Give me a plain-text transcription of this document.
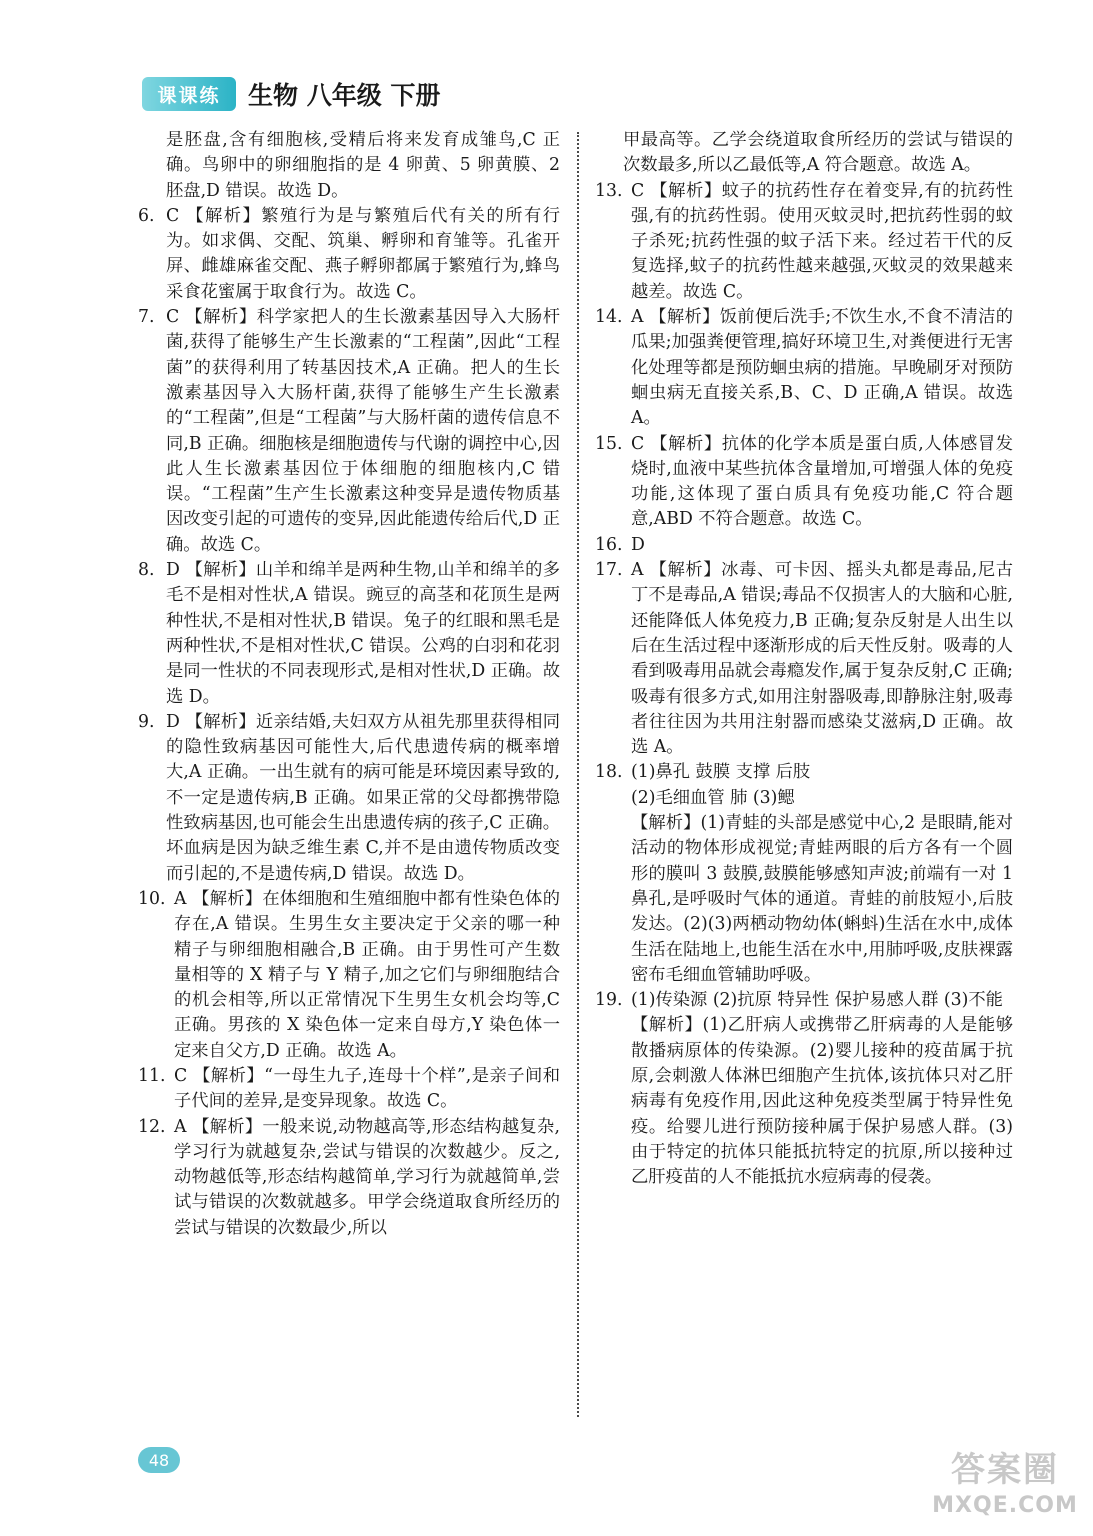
课课练	生物 八年级 下册
是胚盘,含有细胞核,受精后将来发育成雏鸟,C 正确。鸟卵中的卵细胞指的是 4 卵黄、5 卵黄膜、2 胚盘,D 错误。故选 D。
6. C 【解析】繁殖行为是与繁殖后代有关的所有行为。如求偶、交配、筑巢、孵卵和育雏等。孔雀开屏、雌雄麻雀交配、燕子孵卵都属于繁殖行为,蜂鸟采食花蜜属于取食行为。故选 C。

7. C 【解析】科学家把人的生长激素基因导入大肠杆菌,获得了能够生产生长激素的“工程菌”,因此“工程菌”的获得利用了转基因技术,A 正确。把人的生长激素基因导入大肠杆菌,获得了能够生产生长激素的“工程菌”,但是“工程菌”与大肠杆菌的遗传信息不同,B 正确。细胞核是细胞遗传与代谢的调控中心,因此人生长激素基因位于体细胞的细胞核内,C 错误。“工程菌”生产生长激素这种变异是遗传物质基因改变引起的可遗传的变异,因此能遗传给后代,D 正确。故选 C。

8. D 【解析】山羊和绵羊是两种生物,山羊和绵羊的多毛不是相对性状,A 错误。豌豆的高茎和花顶生是两种性状,不是相对性状,B 错误。兔子的红眼和黑毛是两种性状,不是相对性状,C 错误。公鸡的白羽和花羽是同一性状的不同表现形式,是相对性状,D 正确。故选 D。

9. D 【解析】近亲结婚,夫妇双方从祖先那里获得相同的隐性致病基因可能性大,后代患遗传病的概率增大,A 正确。一出生就有的病可能是环境因素导致的,不一定是遗传病,B 正确。如果正常的父母都携带隐性致病基因,也可能会生出患遗传病的孩子,C 正确。坏血病是因为缺乏维生素 C,并不是由遗传物质改变而引起的,不是遗传病,D 错误。故选 D。

10. A 【解析】在体细胞和生殖细胞中都有性染色体的存在,A 错误。生男生女主要决定于父亲的哪一种精子与卵细胞相融合,B 正确。由于男性可产生数量相等的 X 精子与 Y 精子,加之它们与卵细胞结合的机会相等,所以正常情况下生男生女机会均等,C 正确。男孩的 X 染色体一定来自母方,Y 染色体一定来自父方,D 正确。故选 A。

11. C 【解析】“一母生九子,连母十个样”,是亲子间和子代间的差异,是变异现象。故选 C。

12. A 【解析】一般来说,动物越高等,形态结构越复杂,学习行为就越复杂,尝试与错误的次数越少。反之,动物越低等,形态结构越简单,学习行为就越简单,尝试与错误的次数就越多。甲学会绕道取食所经历的尝试与错误的次数最少,所以

甲最高等。乙学会绕道取食所经历的尝试与错误的次数最多,所以乙最低等,A 符合题意。故选 A。
13. C 【解析】蚊子的抗药性存在着变异,有的抗药性强,有的抗药性弱。使用灭蚊灵时,把抗药性弱的蚊子杀死;抗药性强的蚊子活下来。经过若干代的反复选择,蚊子的抗药性越来越强,灭蚊灵的效果越来越差。故选 C。

14. A 【解析】饭前便后洗手;不饮生水,不食不清洁的瓜果;加强粪便管理,搞好环境卫生,对粪便进行无害化处理等都是预防蛔虫病的措施。早晚刷牙对预防蛔虫病无直接关系,B、C、D 正确,A 错误。故选 A。

15. C 【解析】抗体的化学本质是蛋白质,人体感冒发烧时,血液中某些抗体含量增加,可增强人体的免疫功能,这体现了蛋白质具有免疫功能,C 符合题意,ABD 不符合题意。故选 C。

16. D

17. A 【解析】冰毒、可卡因、摇头丸都是毒品,尼古丁不是毒品,A 错误;毒品不仅损害人的大脑和心脏,还能降低人体免疫力,B 正确;复杂反射是人出生以后在生活过程中逐渐形成的后天性反射。吸毒的人看到吸毒用品就会毒瘾发作,属于复杂反射,C 正确;吸毒有很多方式,如用注射器吸毒,即静脉注射,吸毒者往往因为共用注射器而感染艾滋病,D 正确。故选 A。

18. (1)鼻孔 鼓膜 支撑 后肢

(2)毛细血管 肺 (3)鳃

【解析】(1)青蛙的头部是感觉中心,2 是眼睛,能对活动的物体形成视觉;青蛙两眼的后方各有一个圆形的膜叫 3 鼓膜,鼓膜能够感知声波;前端有一对 1 鼻孔,是呼吸时气体的通道。青蛙的前肢短小,后肢发达。(2)(3)两栖动物幼体(蝌蚪)生活在水中,成体生活在陆地上,也能生活在水中,用肺呼吸,皮肤裸露密布毛细血管辅助呼吸。

19. (1)传染源 (2)抗原 特异性 保护易感人群 (3)不能

【解析】(1)乙肝病人或携带乙肝病毒的人是能够散播病原体的传染源。(2)婴儿接种的疫苗属于抗原,会刺激人体淋巴细胞产生抗体,该抗体只对乙肝病毒有免疫作用,因此这种免疫类型属于特异性免疫。给婴儿进行预防接种属于保护易感人群。(3)由于特定的抗体只能抵抗特定的抗原,所以接种过乙肝疫苗的人不能抵抗水痘病毒的侵袭。

48	答案圈
MXQE.COM
